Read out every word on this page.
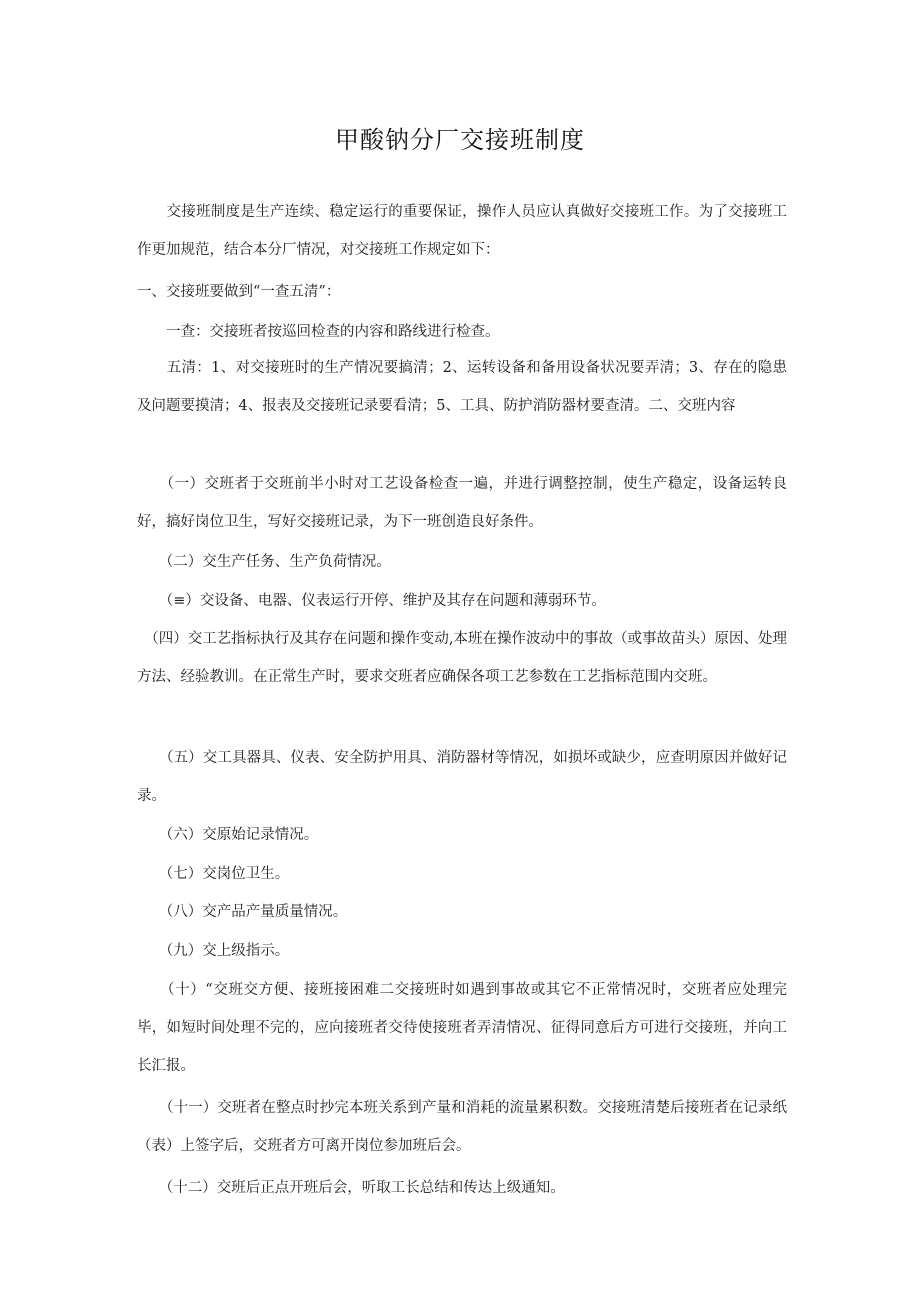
甲酸钠分厂交接班制度

　　交接班制度是生产连续、稳定运行的重要保证，操作人员应认真做好交接班工作。为了交接班工作更加规范，结合本分厂情况，对交接班工作规定如下：

一、交接班要做到“一查五清”：

　　一查：交接班者按巡回检查的内容和路线进行检查。

　　五清：1、对交接班时的生产情况要搞清；2、运转设备和备用设备状况要弄清；3、存在的隐患及问题要摸清；4、报表及交接班记录要看清；5、工具、防护消防器材要查清。二、交班内容

　　（一）交班者于交班前半小时对工艺设备检查一遍，并进行调整控制，使生产稳定，设备运转良好，搞好岗位卫生，写好交接班记录，为下一班创造良好条件。

　　（二）交生产任务、生产负荷情况。

　　（≡）交设备、电器、仪表运行开停、维护及其存在问题和薄弱环节。

　（四）交工艺指标执行及其存在问题和操作变动,本班在操作波动中的事故（或事故苗头）原因、处理方法、经验教训。在正常生产时，要求交班者应确保各项工艺参数在工艺指标范围内交班。

　　（五）交工具器具、仪表、安全防护用具、消防器材等情况，如损坏或缺少，应查明原因并做好记录。

　　（六）交原始记录情况。

　　（七）交岗位卫生。

　　（八）交产品产量质量情况。

　　（九）交上级指示。

　　（十）“交班交方便、接班接困难二交接班时如遇到事故或其它不正常情况时，交班者应处理完毕，如短时间处理不完的，应向接班者交待使接班者弄清情况、征得同意后方可进行交接班，并向工长汇报。

　　（十一）交班者在整点时抄完本班关系到产量和消耗的流量累积数。交接班清楚后接班者在记录纸（表）上签字后，交班者方可离开岗位参加班后会。

　　（十二）交班后正点开班后会，听取工长总结和传达上级通知。
